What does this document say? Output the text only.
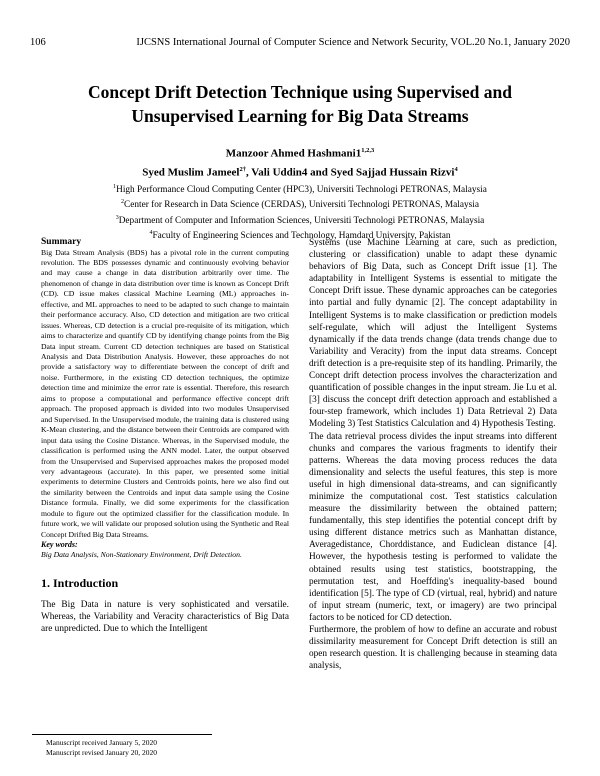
106	IJCSNS International Journal of Computer Science and Network Security, VOL.20 No.1, January 2020
Concept Drift Detection Technique using Supervised and
Unsupervised Learning for Big Data Streams
Manzoor Ahmed Hashmani1$^{1,2,3}$
Syed Muslim Jameel$^{2\dagger}$, Vali Uddin4 and Syed Sajjad Hussain Rizvi$^4$
$^1$High Performance Cloud Computing Center (HPC3), Universiti Technologi PETRONAS, Malaysia
$^2$Center for Research in Data Science (CERDAS), Universiti Technologi PETRONAS, Malaysia
$^3$Department of Computer and Information Sciences, Universiti Technologi PETRONAS, Malaysia
$^4$Faculty of Engineering Sciences and Technology, Hamdard University, Pakistan
Summary

Big Data Stream Analysis (BDS) has a pivotal role in the current computing revolution. The BDS possesses dynamic and continuously evolving behavior and may cause a change in data distribution arbitrarily over time. The phenomenon of change in data distribution over time is known as Concept Drift (CD). CD issue makes classical Machine Learning (ML) approaches in-effective, and ML approaches to need to be adapted to such change to maintain their performance accuracy. Also, CD detection and mitigation are two critical issues. Whereas, CD detection is a crucial pre-requisite of its mitigation, which aims to characterize and quantify CD by identifying change points from the Big Data input stream. Current CD detection techniques are based on Statistical Analysis and Data Distribution Analysis. However, these approaches do not provide a satisfactory way to differentiate between the concept of drift and noise. Furthermore, in the existing CD detection techniques, the optimize detection time and minimize the error rate is essential. Therefore, this research aims to propose a computational and performance effective concept drift approach. The proposed approach is divided into two modules Unsupervised and Supervised. In the Unsupervised module, the training data is clustered using K-Mean clustering, and the distance between their Centroids are compared with input data using the Cosine Distance. Whereas, in the Supervised module, the classification is performed using the ANN model. Later, the output observed from the Unsupervised and Supervised approaches makes the proposed model very advantageous (accurate). In this paper, we presented some initial experiments to determine Clusters and Centroids points, here we also find out the similarity between the Centroids and input data sample using the Cosine Distance formula. Finally, we did some experiments for the classification module to figure out the optimized classifier for the classification module. In future work, we will validate our proposed solution using the Synthetic and Real Concept Drifted Big Data Streams.

Key words:
Big Data Analysis, Non-Stationary Environment, Drift Detection.
1. Introduction

The Big Data in nature is very sophisticated and versatile. Whereas, the Variability and Veracity characteristics of Big Data are unpredicted. Due to which the Intelligent

Systems (use Machine Learning at care, such as prediction, clustering or classification) unable to adapt these dynamic behaviors of Big Data, such as Concept Drift issue [1]. The adaptability in Intelligent Systems is essential to mitigate the Concept Drift issue. These dynamic approaches can be categories into partial and fully dynamic [2]. The concept adaptability in Intelligent Systems is to make classification or prediction models self-regulate, which will adjust the Intelligent Systems dynamically if the data trends change (data trends change due to Variability and Veracity) from the input data streams. Concept drift detection is a pre-requisite step of its handling. Primarily, the Concept drift detection process involves the characterization and quantification of possible changes in the input stream. Jie Lu et al. [3] discuss the concept drift detection approach and established a four-step framework, which includes 1) Data Retrieval 2) Data Modeling 3) Test Statistics Calculation and 4) Hypothesis Testing.

The data retrieval process divides the input streams into different chunks and compares the various fragments to identify their patterns. Whereas the data moving process reduces the data dimensionality and selects the useful features, this step is more useful in high dimensional data-streams, and can significantly minimize the computational cost. Test statistics calculation measure the dissimilarity between the obtained pattern; fundamentally, this step identifies the potential concept drift by using different distance metrics such as Manhattan distance, Averagedistance, Chorddistance, and Eudiclean distance [4]. However, the hypothesis testing is performed to validate the obtained results using test statistics, bootstrapping, the permutation test, and Hoeffding's inequality-based bound identification [5]. The type of CD (virtual, real, hybrid) and nature of input stream (numeric, text, or imagery) are two principal factors to be noticed for CD detection.

Furthermore, the problem of how to define an accurate and robust dissimilarity measurement for Concept Drift detection is still an open research question. It is challenging because in steaming data analysis,

Manuscript received January 5, 2020
Manuscript revised January 20, 2020
